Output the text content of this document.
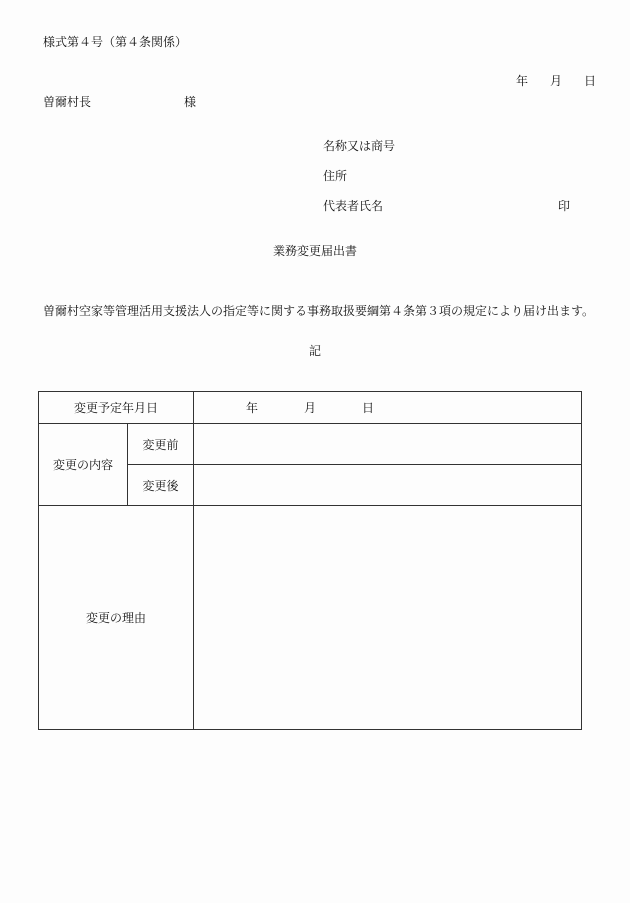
様式第４号（第４条関係）
年 月 日
曽爾村長	様
名称又は商号
住所
代表者氏名	印
業務変更届出書
曽爾村空家等管理活用支援法人の指定等に関する事務取扱要綱第４条第３項の規定により届け出ます。
記
変更予定年月日		年 月 日
変更の内容	変更前	
	変更後	
変更の理由		
